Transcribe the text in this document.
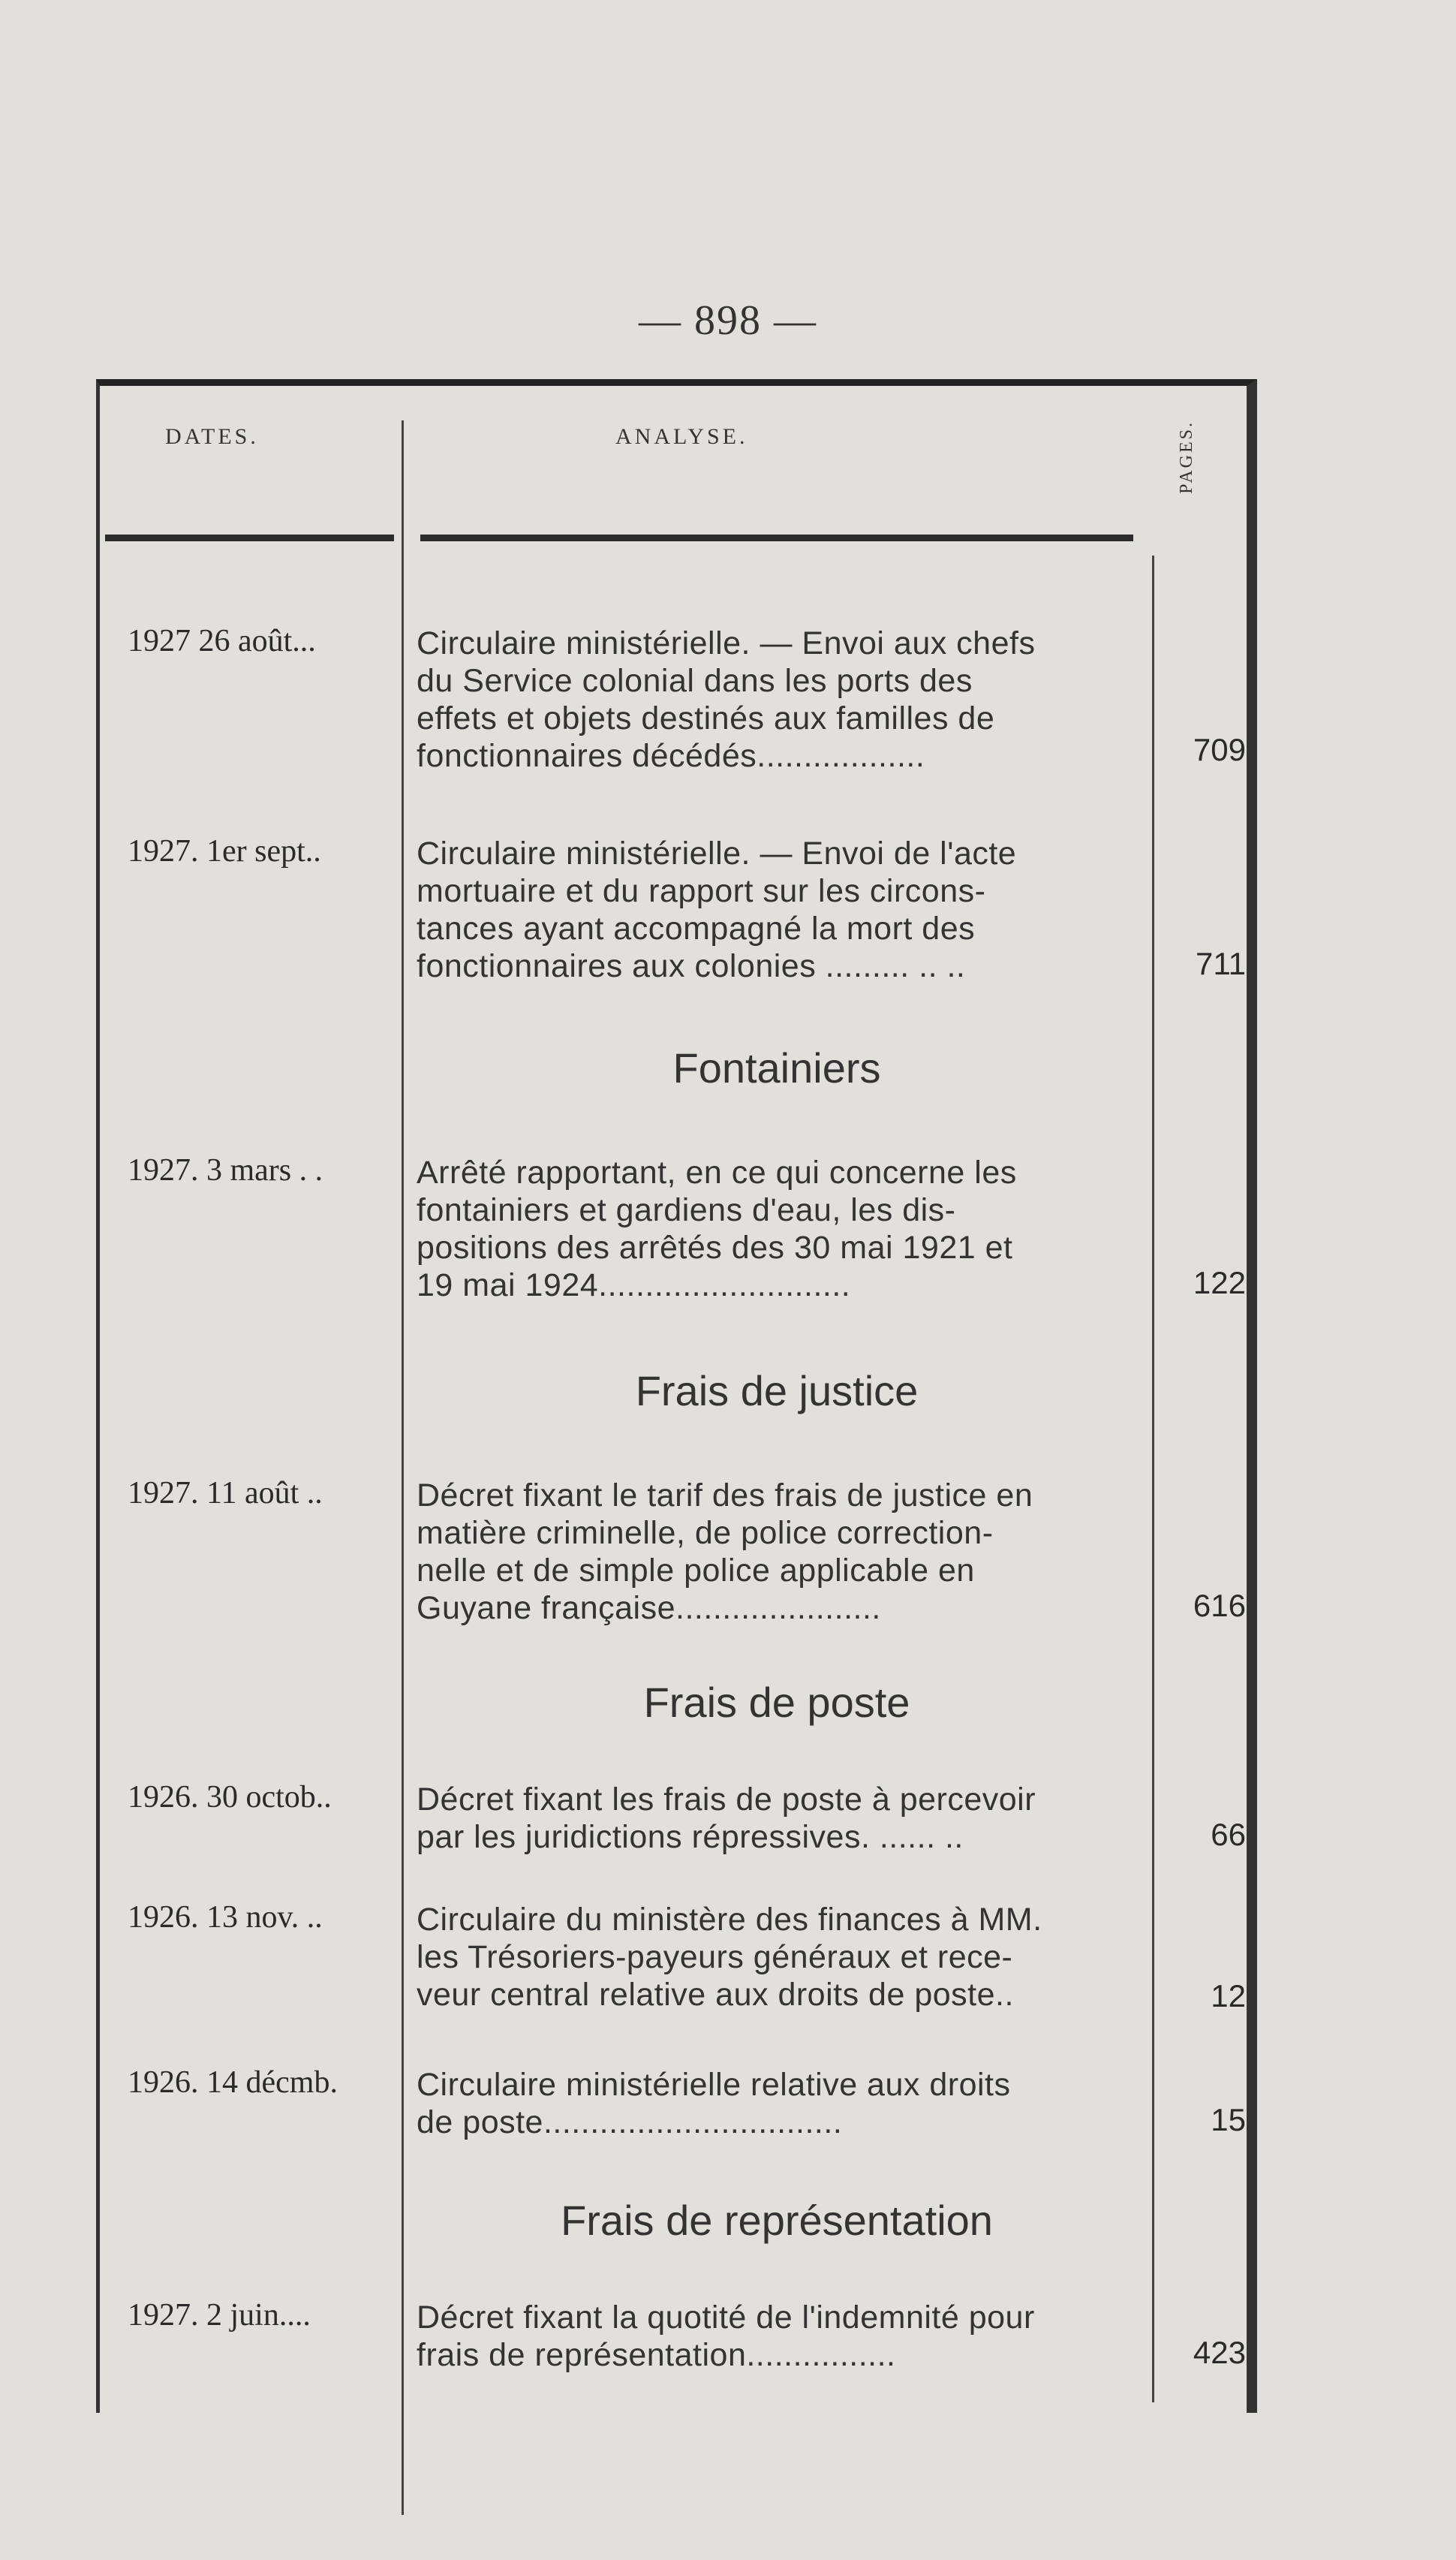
— 898 —
DATES.	ANALYSE.	PAGES.
1927 26 août...	Circulaire ministérielle. — Envoi aux chefs
du Service colonial dans les ports des
effets et objets destinés aux familles de
fonctionnaires décédés..................	709
1927. 1er sept..	Circulaire ministérielle. — Envoi de l'acte
mortuaire et du rapport sur les circons-
tances ayant accompagné la mort des
fonctionnaires aux colonies ......... .. ..	711
Fontainiers
1927. 3 mars . .	Arrêté rapportant, en ce qui concerne les
fontainiers et gardiens d'eau, les dis-
positions des arrêtés des 30 mai 1921 et
19 mai 1924...........................	122
Frais de justice
1927. 11 août ..	Décret fixant le tarif des frais de justice en
matière criminelle, de police correction-
nelle et de simple police applicable en
Guyane française......................	616
Frais de poste
1926. 30 octob..	Décret fixant les frais de poste à percevoir
par les juridictions répressives. ...... ..	66
1926. 13 nov. ..	Circulaire du ministère des finances à MM.
les Trésoriers-payeurs généraux et rece-
veur central relative aux droits de poste..	12
1926. 14 décmb.	Circulaire ministérielle relative aux droits
de poste................................	15
Frais de représentation
1927. 2 juin....	Décret fixant la quotité de l'indemnité pour
frais de représentation................	423
